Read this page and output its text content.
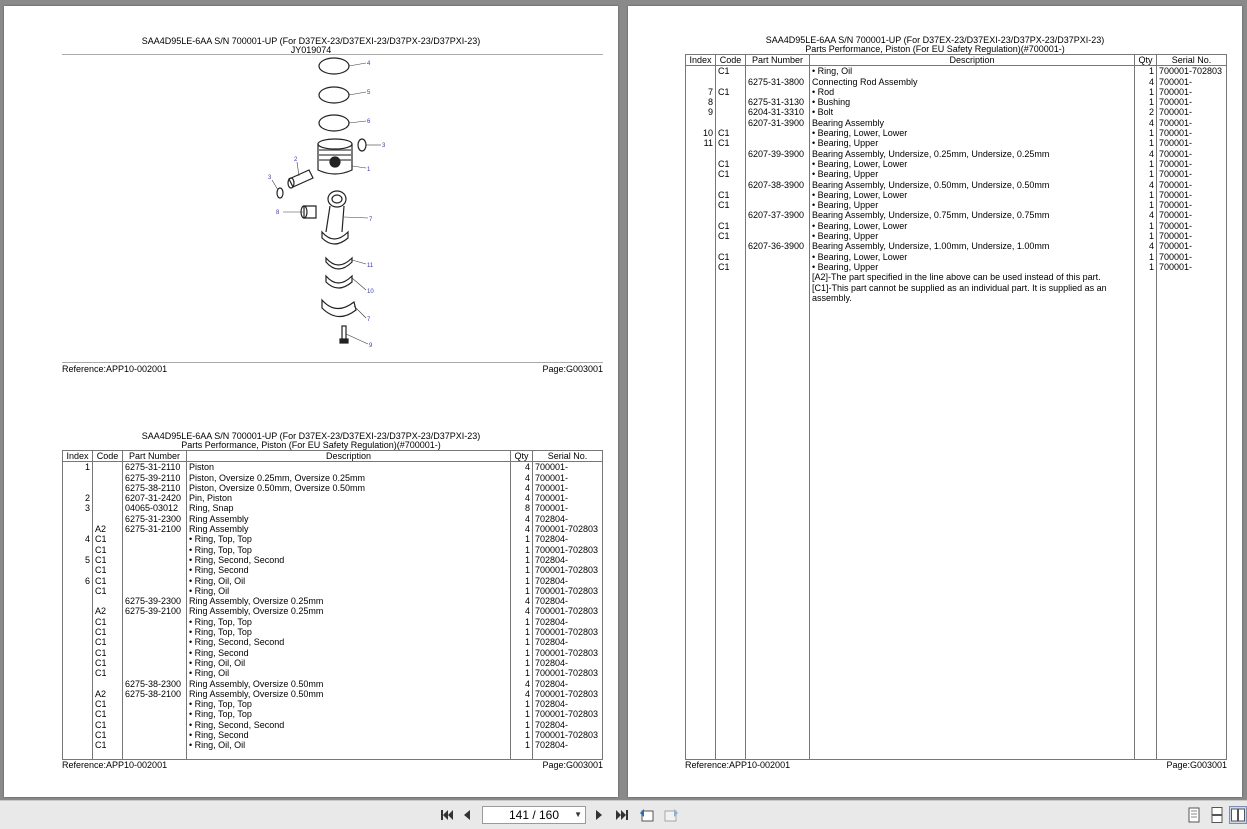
SAA4D95LE-6AA S/N 700001-UP (For D37EX-23/D37EXI-23/D37PX-23/D37PXI-23)
JY019074
4
5
6
3
1
2
3
8
7
11
10
7
9
Reference:APP10-002001	Page:G003001
SAA4D95LE-6AA S/N 700001-UP (For D37EX-23/D37EXI-23/D37PX-23/D37PXI-23)
Parts Performance, Piston (For EU Safety Regulation)(#700001-)
Index	Code	Part Number	Description	Qty	Serial No.
1		6275-31-2110	Piston	4	700001-
		6275-39-2110	Piston, Oversize 0.25mm, Oversize 0.25mm	4	700001-
		6275-38-2110	Piston, Oversize 0.50mm, Oversize 0.50mm	4	700001-
2		6207-31-2420	Pin, Piston	4	700001-
3		04065-03012	Ring, Snap	8	700001-
		6275-31-2300	Ring Assembly	4	702804-
	A2	6275-31-2100	Ring Assembly	4	700001-702803
4	C1		• Ring, Top, Top	1	702804-
	C1		• Ring, Top, Top	1	700001-702803
5	C1		• Ring, Second, Second	1	702804-
	C1		• Ring, Second	1	700001-702803
6	C1		• Ring, Oil, Oil	1	702804-
	C1		• Ring, Oil	1	700001-702803
		6275-39-2300	Ring Assembly, Oversize 0.25mm	4	702804-
	A2	6275-39-2100	Ring Assembly, Oversize 0.25mm	4	700001-702803
	C1		• Ring, Top, Top	1	702804-
	C1		• Ring, Top, Top	1	700001-702803
	C1		• Ring, Second, Second	1	702804-
	C1		• Ring, Second	1	700001-702803
	C1		• Ring, Oil, Oil	1	702804-
	C1		• Ring, Oil	1	700001-702803
		6275-38-2300	Ring Assembly, Oversize 0.50mm	4	702804-
	A2	6275-38-2100	Ring Assembly, Oversize 0.50mm	4	700001-702803
	C1		• Ring, Top, Top	1	702804-
	C1		• Ring, Top, Top	1	700001-702803
	C1		• Ring, Second, Second	1	702804-
	C1		• Ring, Second	1	700001-702803
	C1		• Ring, Oil, Oil	1	702804-

Reference:APP10-002001	Page:G003001
SAA4D95LE-6AA S/N 700001-UP (For D37EX-23/D37EXI-23/D37PX-23/D37PXI-23)
Parts Performance, Piston (For EU Safety Regulation)(#700001-)
Index	Code	Part Number	Description	Qty	Serial No.
	C1		• Ring, Oil	1	700001-702803
		6275-31-3800	Connecting Rod Assembly	4	700001-
7	C1		• Rod	1	700001-
8		6275-31-3130	• Bushing	1	700001-
9		6204-31-3310	• Bolt	2	700001-
		6207-31-3900	Bearing Assembly	4	700001-
10	C1		• Bearing, Lower, Lower	1	700001-
11	C1		• Bearing, Upper	1	700001-
		6207-39-3900	Bearing Assembly, Undersize, 0.25mm, Undersize, 0.25mm	4	700001-
	C1		• Bearing, Lower, Lower	1	700001-
	C1		• Bearing, Upper	1	700001-
		6207-38-3900	Bearing Assembly, Undersize, 0.50mm, Undersize, 0.50mm	4	700001-
	C1		• Bearing, Lower, Lower	1	700001-
	C1		• Bearing, Upper	1	700001-
		6207-37-3900	Bearing Assembly, Undersize, 0.75mm, Undersize, 0.75mm	4	700001-
	C1		• Bearing, Lower, Lower	1	700001-
	C1		• Bearing, Upper	1	700001-
		6207-36-3900	Bearing Assembly, Undersize, 1.00mm, Undersize, 1.00mm	4	700001-
	C1		• Bearing, Lower, Lower	1	700001-
	C1		• Bearing, Upper	1	700001-
			[A2]-The part specified in the line above can be used instead of this part.		
			[C1]-This part cannot be supplied as an individual part. It is supplied as an assembly.		

Reference:APP10-002001	Page:G003001
141 / 160 ▼
